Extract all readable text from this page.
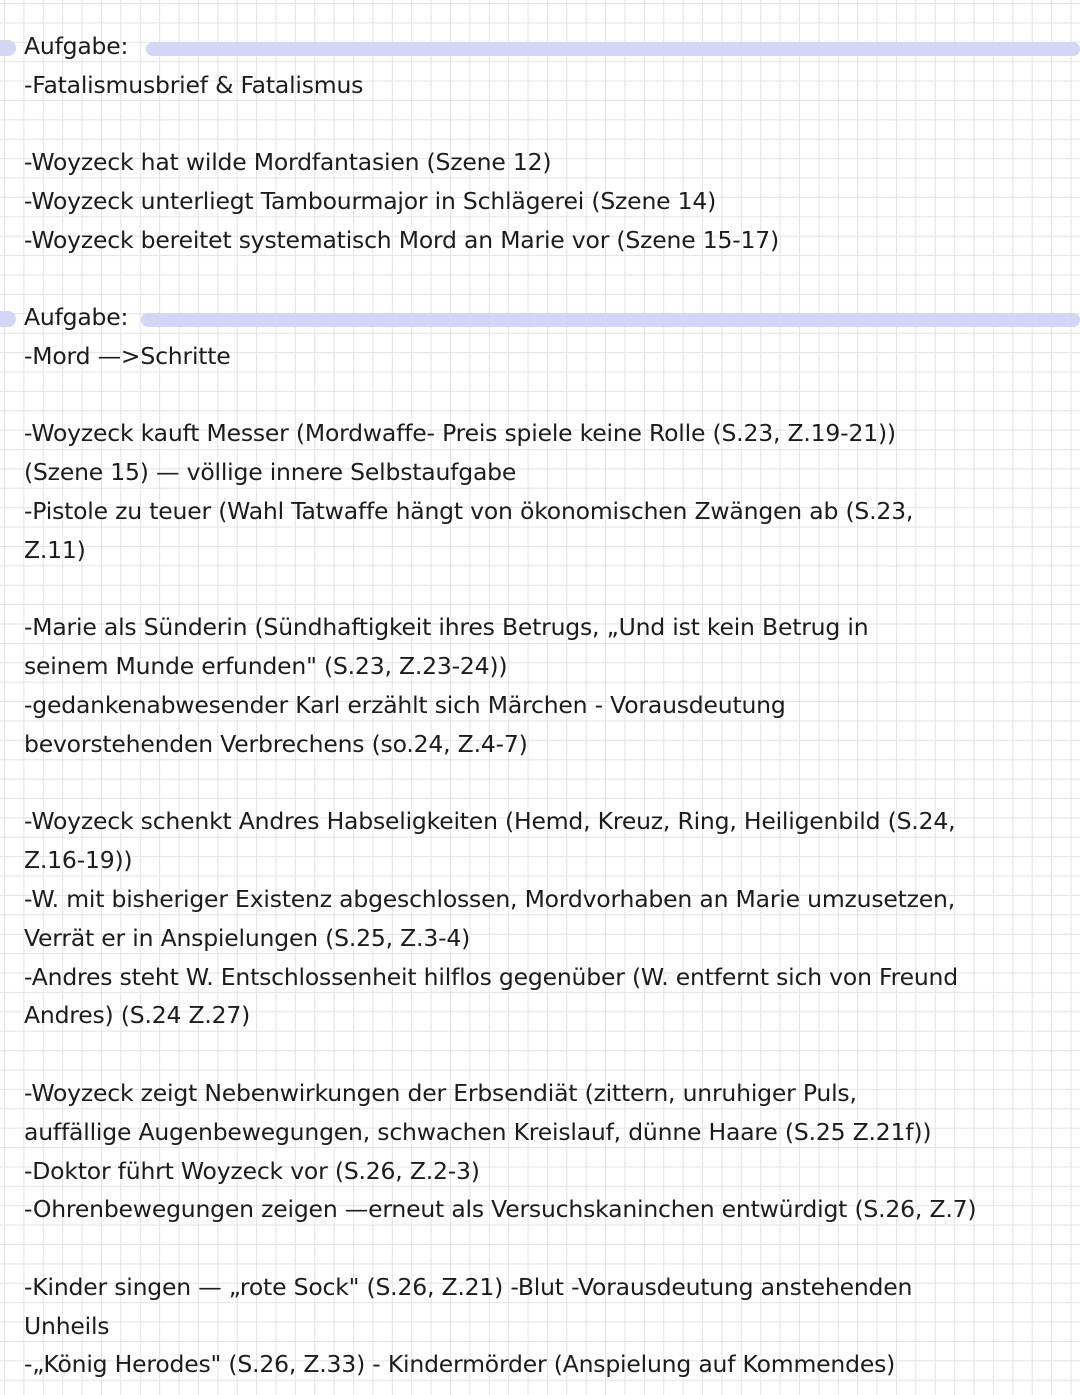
Aufgabe:

-Fatalismusbrief & Fatalismus

-Woyzeck hat wilde Mordfantasien (Szene 12)

-Woyzeck unterliegt Tambourmajor in Schlägerei (Szene 14)

-Woyzeck bereitet systematisch Mord an Marie vor (Szene 15-17)

Aufgabe:

-Mord —>Schritte

-Woyzeck kauft Messer (Mordwaffe- Preis spiele keine Rolle (S.23, Z.19-21))

(Szene 15) — völlige innere Selbstaufgabe

-Pistole zu teuer (Wahl Tatwaffe hängt von ökonomischen Zwängen ab (S.23,

Z.11)

-Marie als Sünderin (Sündhaftigkeit ihres Betrugs, „Und ist kein Betrug in

seinem Munde erfunden" (S.23, Z.23-24))

-gedankenabwesender Karl erzählt sich Märchen - Vorausdeutung

bevorstehenden Verbrechens (so.24, Z.4-7)

-Woyzeck schenkt Andres Habseligkeiten (Hemd, Kreuz, Ring, Heiligenbild (S.24,

Z.16-19))

-W. mit bisheriger Existenz abgeschlossen, Mordvorhaben an Marie umzusetzen,

Verrät er in Anspielungen (S.25, Z.3-4)

-Andres steht W. Entschlossenheit hilflos gegenüber (W. entfernt sich von Freund

Andres) (S.24 Z.27)

-Woyzeck zeigt Nebenwirkungen der Erbsendiät (zittern, unruhiger Puls,

auffällige Augenbewegungen, schwachen Kreislauf, dünne Haare (S.25 Z.21f))

-Doktor führt Woyzeck vor (S.26, Z.2-3)

-Ohrenbewegungen zeigen —erneut als Versuchskaninchen entwürdigt (S.26, Z.7)

-Kinder singen — „rote Sock" (S.26, Z.21) -Blut -Vorausdeutung anstehenden

Unheils

-„König Herodes" (S.26, Z.33) - Kindermörder (Anspielung auf Kommendes)
